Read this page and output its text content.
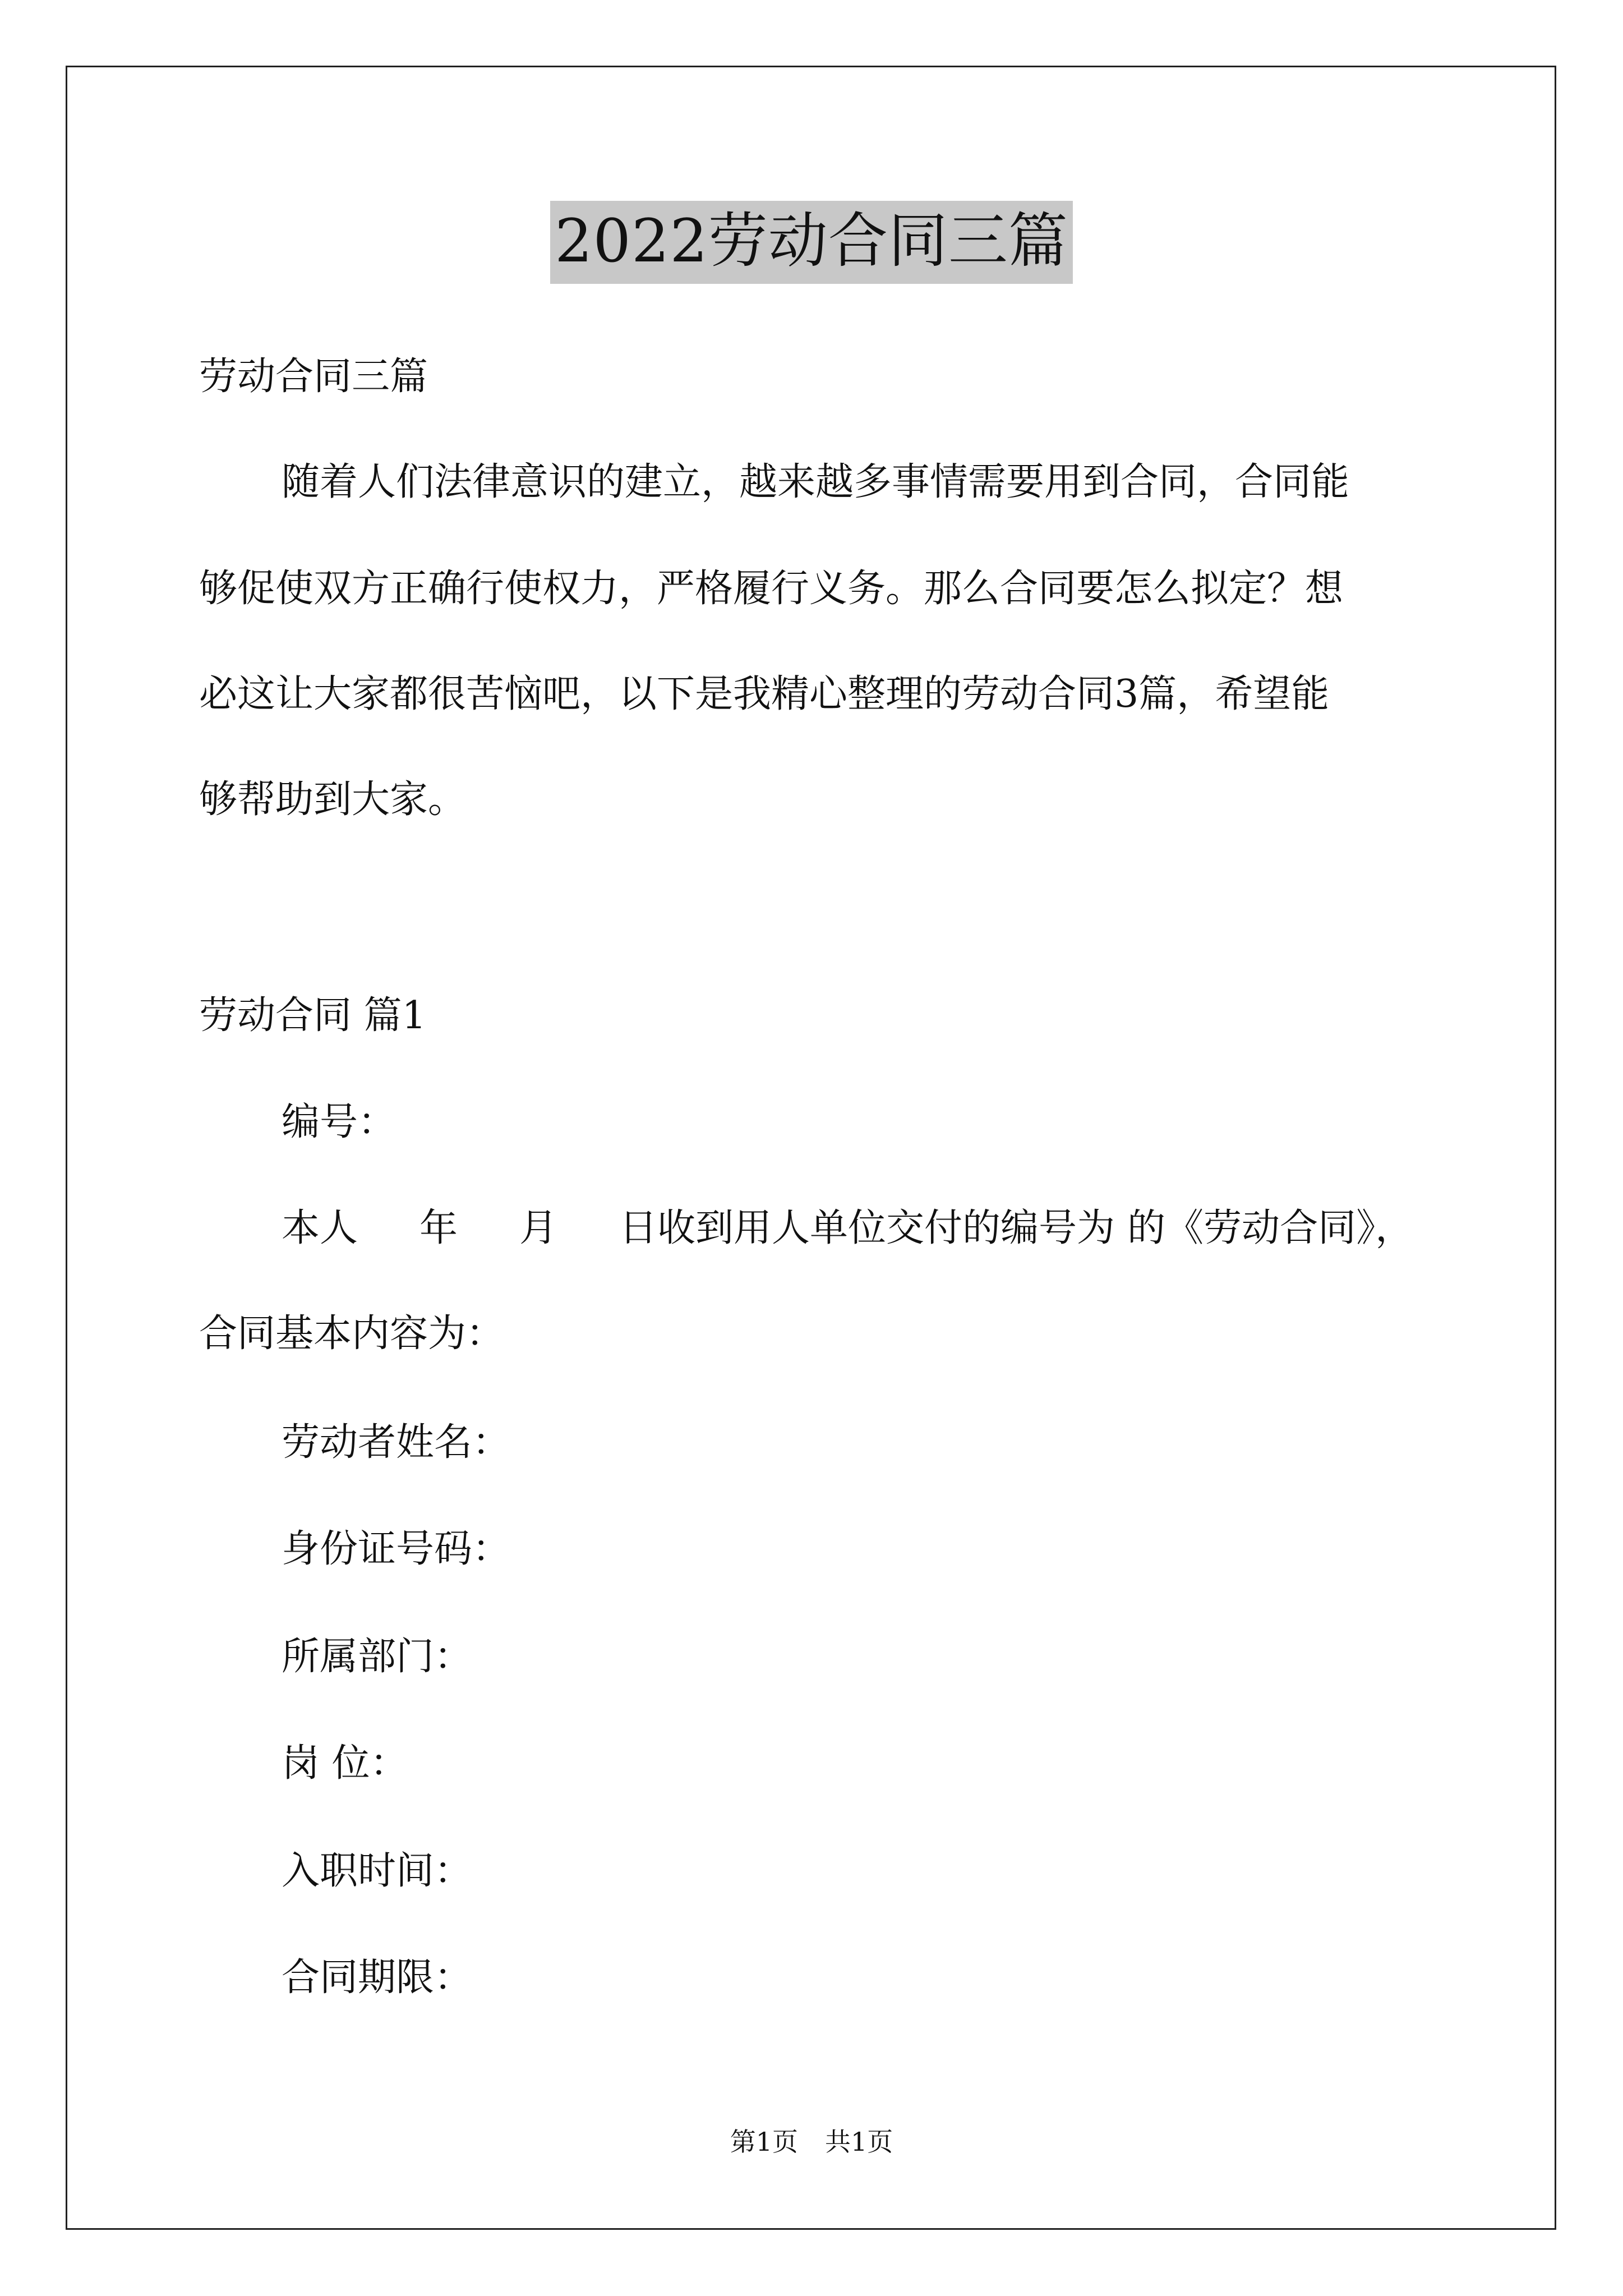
2022劳动合同三篇
劳动合同三篇
随着人们法律意识的建立，越来越多事情需要用到合同，合同能
够促使双方正确行使权力，严格履行义务。那么合同要怎么拟定？想
必这让大家都很苦恼吧，以下是我精心整理的劳动合同3篇，希望能
够帮助到大家。
劳动合同 篇1
编号：
本人 年 月 日收到用人单位交付的编号为 的《劳动合同》，
合同基本内容为：
劳动者姓名：
身份证号码：
所属部门：
岗 位：
入职时间：
合同期限：
第1页 共1页
